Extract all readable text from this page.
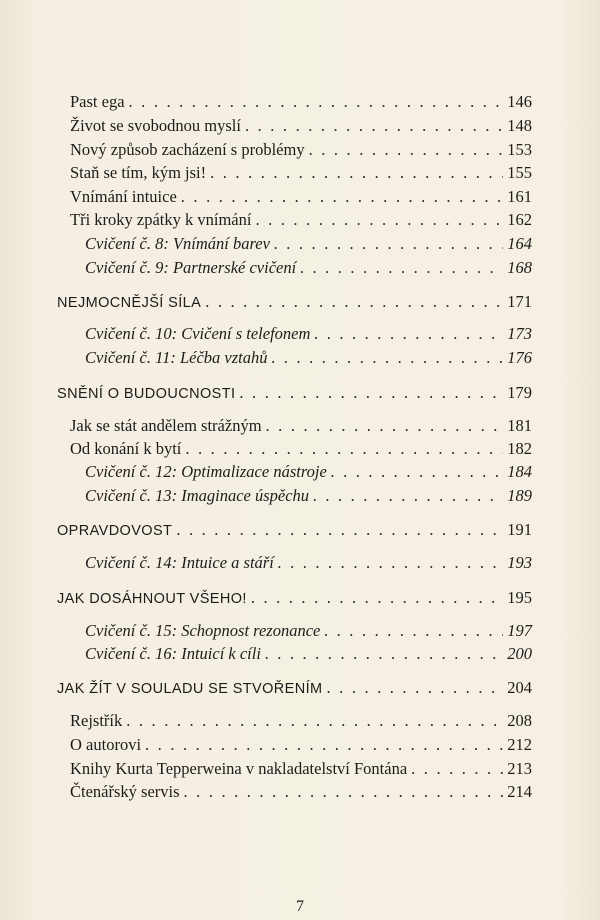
Past ega . . .	146
Život se svobodnou myslí . . .	148
Nový způsob zacházení s problémy . . .	153
Staň se tím, kým jsi! . . .	155
Vnímání intuice . . .	161
Tři kroky zpátky k vnímání . . .	162
Cvičení č. 8: Vnímání barev . . .	164
Cvičení č. 9: Partnerské cvičení . . .	168
NEJMOCNĚJŠÍ SÍLA . . .	171
Cvičení č. 10: Cvičení s telefonem . . .	173
Cvičení č. 11: Léčba vztahů . . .	176
SNĚNÍ O BUDOUCNOSTI . . .	179
Jak se stát andělem strážným . . .	181
Od konání k bytí . . .	182
Cvičení č. 12: Optimalizace nástroje . . .	184
Cvičení č. 13: Imaginace úspěchu . . .	189
OPRAVDOVOST . . .	191
Cvičení č. 14: Intuice a stáří . . .	193
JAK DOSÁHNOUT VŠEHO! . . .	195
Cvičení č. 15: Schopnost rezonance . . .	197
Cvičení č. 16: Intuicí k cíli . . .	200
JAK ŽÍT V SOULADU SE STVOŘENÍM . . .	204
Rejstřík . . .	208
O autorovi . . .	212
Knihy Kurta Tepperweina v nakladatelství Fontána . . .	213
Čtenářský servis . . .	214
7
